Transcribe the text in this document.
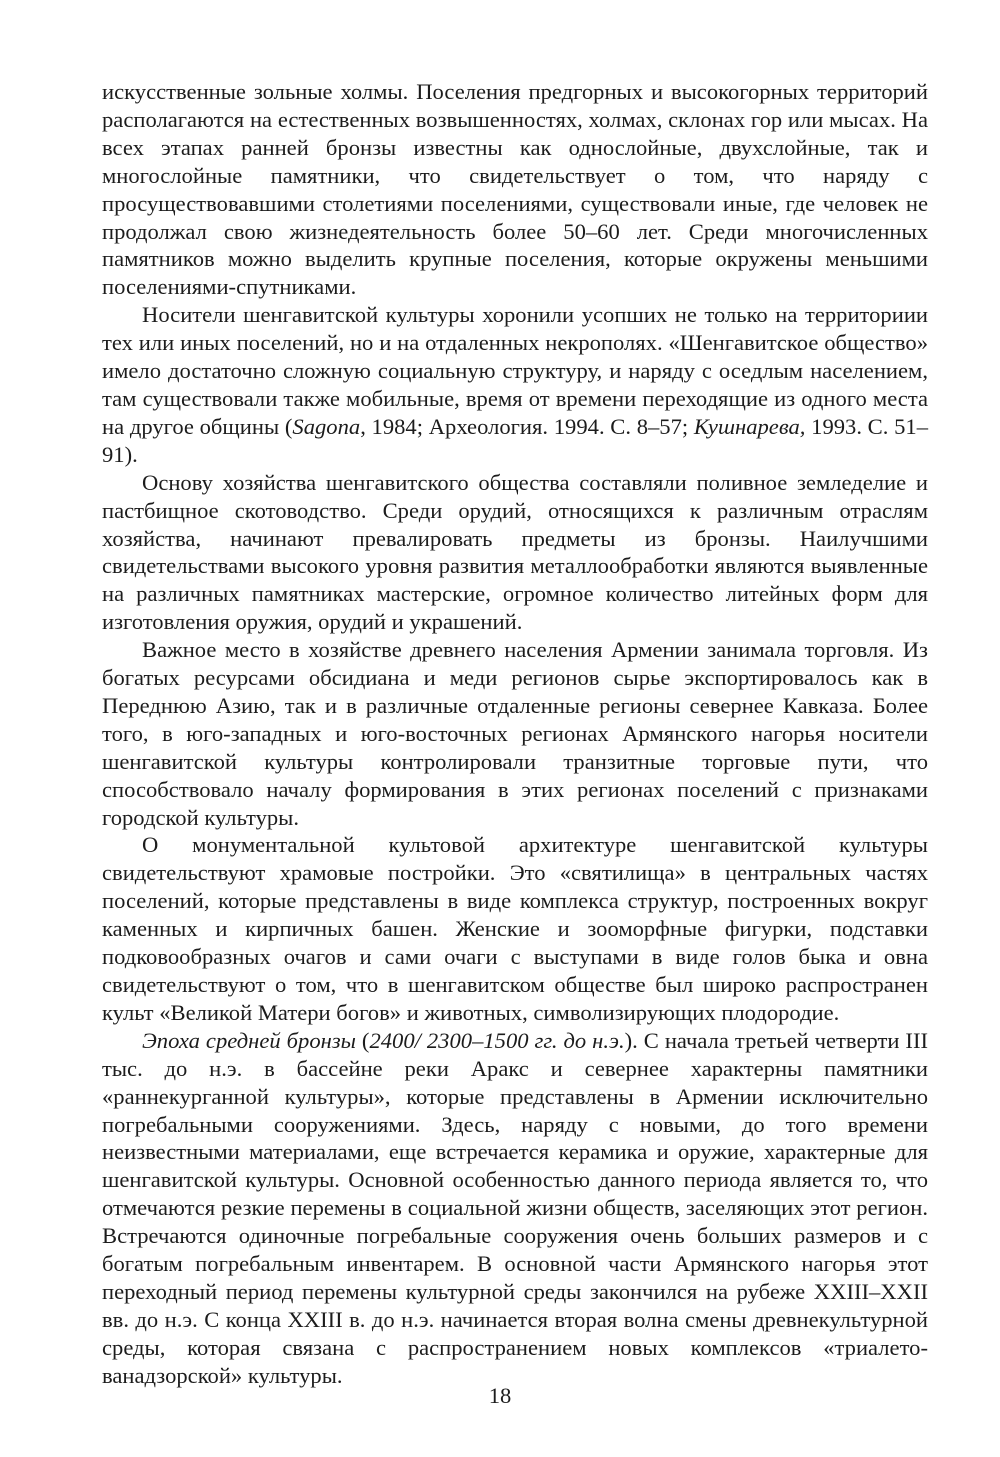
искусственные зольные холмы. Поселения предгорных и высокогорных территорий располагаются на естественных возвышенностях, холмах, склонах гор или мысах. На всех этапах ранней бронзы известны как однослойные, двухслойные, так и многослойные памятники, что свидетельствует о том, что наряду с просуществовавшими столетиями поселениями, существовали иные, где человек не продолжал свою жизнедеятельность более 50–60 лет. Среди многочисленных памятников можно выделить крупные поселения, которые окружены меньшими поселениями-спутниками.

Носители шенгавитской культуры хоронили усопших не только на территориии тех или иных поселений, но и на отдаленных некрополях. «Шенгавитское общество» имело достаточно сложную социальную структуру, и наряду с оседлым населением, там существовали также мобильные, время от времени переходящие из одного места на другое общины (Sagona, 1984; Археология. 1994. С. 8–57; Кушнарева, 1993. С. 51–91).

Основу хозяйства шенгавитского общества составляли поливное земледелие и пастбищное скотоводство. Среди орудий, относящихся к различным отраслям хозяйства, начинают превалировать предметы из бронзы. Наилучшими свидетельствами высокого уровня развития металлообработки являются выявленные на различных памятниках мастерские, огромное количество литейных форм для изготовления оружия, орудий и украшений.

Важное место в хозяйстве древнего населения Армении занимала торговля. Из богатых ресурсами обсидиана и меди регионов сырье экспортировалось как в Переднюю Азию, так и в различные отдаленные регионы севернее Кавказа. Более того, в юго-западных и юго-восточных регионах Армянского нагорья носители шенгавитской культуры контролировали транзитные торговые пути, что способствовало началу формирования в этих регионах поселений с признаками городской культуры.

О монументальной культовой архитектуре шенгавитской культуры свидетельствуют храмовые постройки. Это «святилища» в центральных частях поселений, которые представлены в виде комплекса структур, построенных вокруг каменных и кирпичных башен. Женские и зооморфные фигурки, подставки подковообразных очагов и сами очаги с выступами в виде голов быка и овна свидетельствуют о том, что в шенгавитском обществе был широко распространен культ «Великой Матери богов» и животных, символизирующих плодородие.

Эпоха средней бронзы (2400/ 2300–1500 гг. до н.э.). С начала третьей четверти III тыс. до н.э. в бассейне реки Аракс и севернее характерны памятники «раннекурганной культуры», которые представлены в Армении исключительно погребальными сооружениями. Здесь, наряду с новыми, до того времени неизвестными материалами, еще встречается керамика и оружие, характерные для шенгавитской культуры. Основной особенностью данного периода является то, что отмечаются резкие перемены в социальной жизни обществ, заселяющих этот регион. Встречаются одиночные погребальные сооружения очень больших размеров и с богатым погребальным инвентарем. В основной части Армянского нагорья этот переходный период перемены культурной среды закончился на рубеже XXIII–XXII вв. до н.э. С конца XXIII в. до н.э. начинается вторая волна смены древнекультурной среды, которая связана с распространением новых комплексов «триалето-ванадзорской» культуры.

18
